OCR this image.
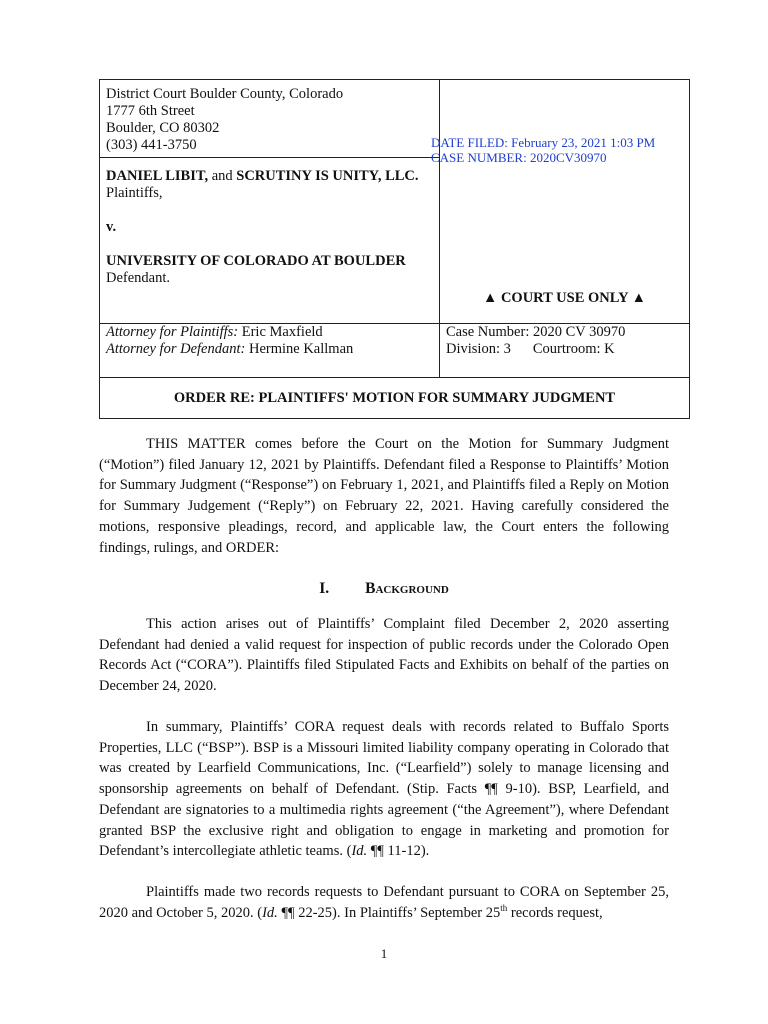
District Court Boulder County, Colorado
1777 6th Street
Boulder, CO 80302
(303) 441-3750
DANIEL LIBIT, and SCRUTINY IS UNITY, LLC.
Plaintiffs,
v.
UNIVERSITY OF COLORADO AT BOULDER
Defendant.
DATE FILED: February 23, 2021 1:03 PM
CASE NUMBER: 2020CV30970
▲ COURT USE ONLY ▲
Attorney for Plaintiffs: Eric Maxfield
Attorney for Defendant: Hermine Kallman
Case Number: 2020 CV 30970
Division: 3 Courtroom: K
ORDER RE: PLAINTIFFS' MOTION FOR SUMMARY JUDGMENT

THIS MATTER comes before the Court on the Motion for Summary Judgment (“Motion”) filed January 12, 2021 by Plaintiffs. Defendant filed a Response to Plaintiffs’ Motion for Summary Judgment (“Response”) on February 1, 2021, and Plaintiffs filed a Reply on Motion for Summary Judgement (“Reply”) on February 22, 2021. Having carefully considered the motions, responsive pleadings, record, and applicable law, the Court enters the following findings, rulings, and ORDER:

I. Background

This action arises out of Plaintiffs’ Complaint filed December 2, 2020 asserting Defendant had denied a valid request for inspection of public records under the Colorado Open Records Act (“CORA”). Plaintiffs filed Stipulated Facts and Exhibits on behalf of the parties on December 24, 2020.

In summary, Plaintiffs’ CORA request deals with records related to Buffalo Sports Properties, LLC (“BSP”). BSP is a Missouri limited liability company operating in Colorado that was created by Learfield Communications, Inc. (“Learfield”) solely to manage licensing and sponsorship agreements on behalf of Defendant. (Stip. Facts ¶¶ 9-10). BSP, Learfield, and Defendant are signatories to a multimedia rights agreement (“the Agreement”), where Defendant granted BSP the exclusive right and obligation to engage in marketing and promotion for Defendant’s intercollegiate athletic teams. (Id. ¶¶ 11-12).

Plaintiffs made two records requests to Defendant pursuant to CORA on September 25, 2020 and October 5, 2020. (Id. ¶¶ 22-25). In Plaintiffs’ September 25th records request,

1
